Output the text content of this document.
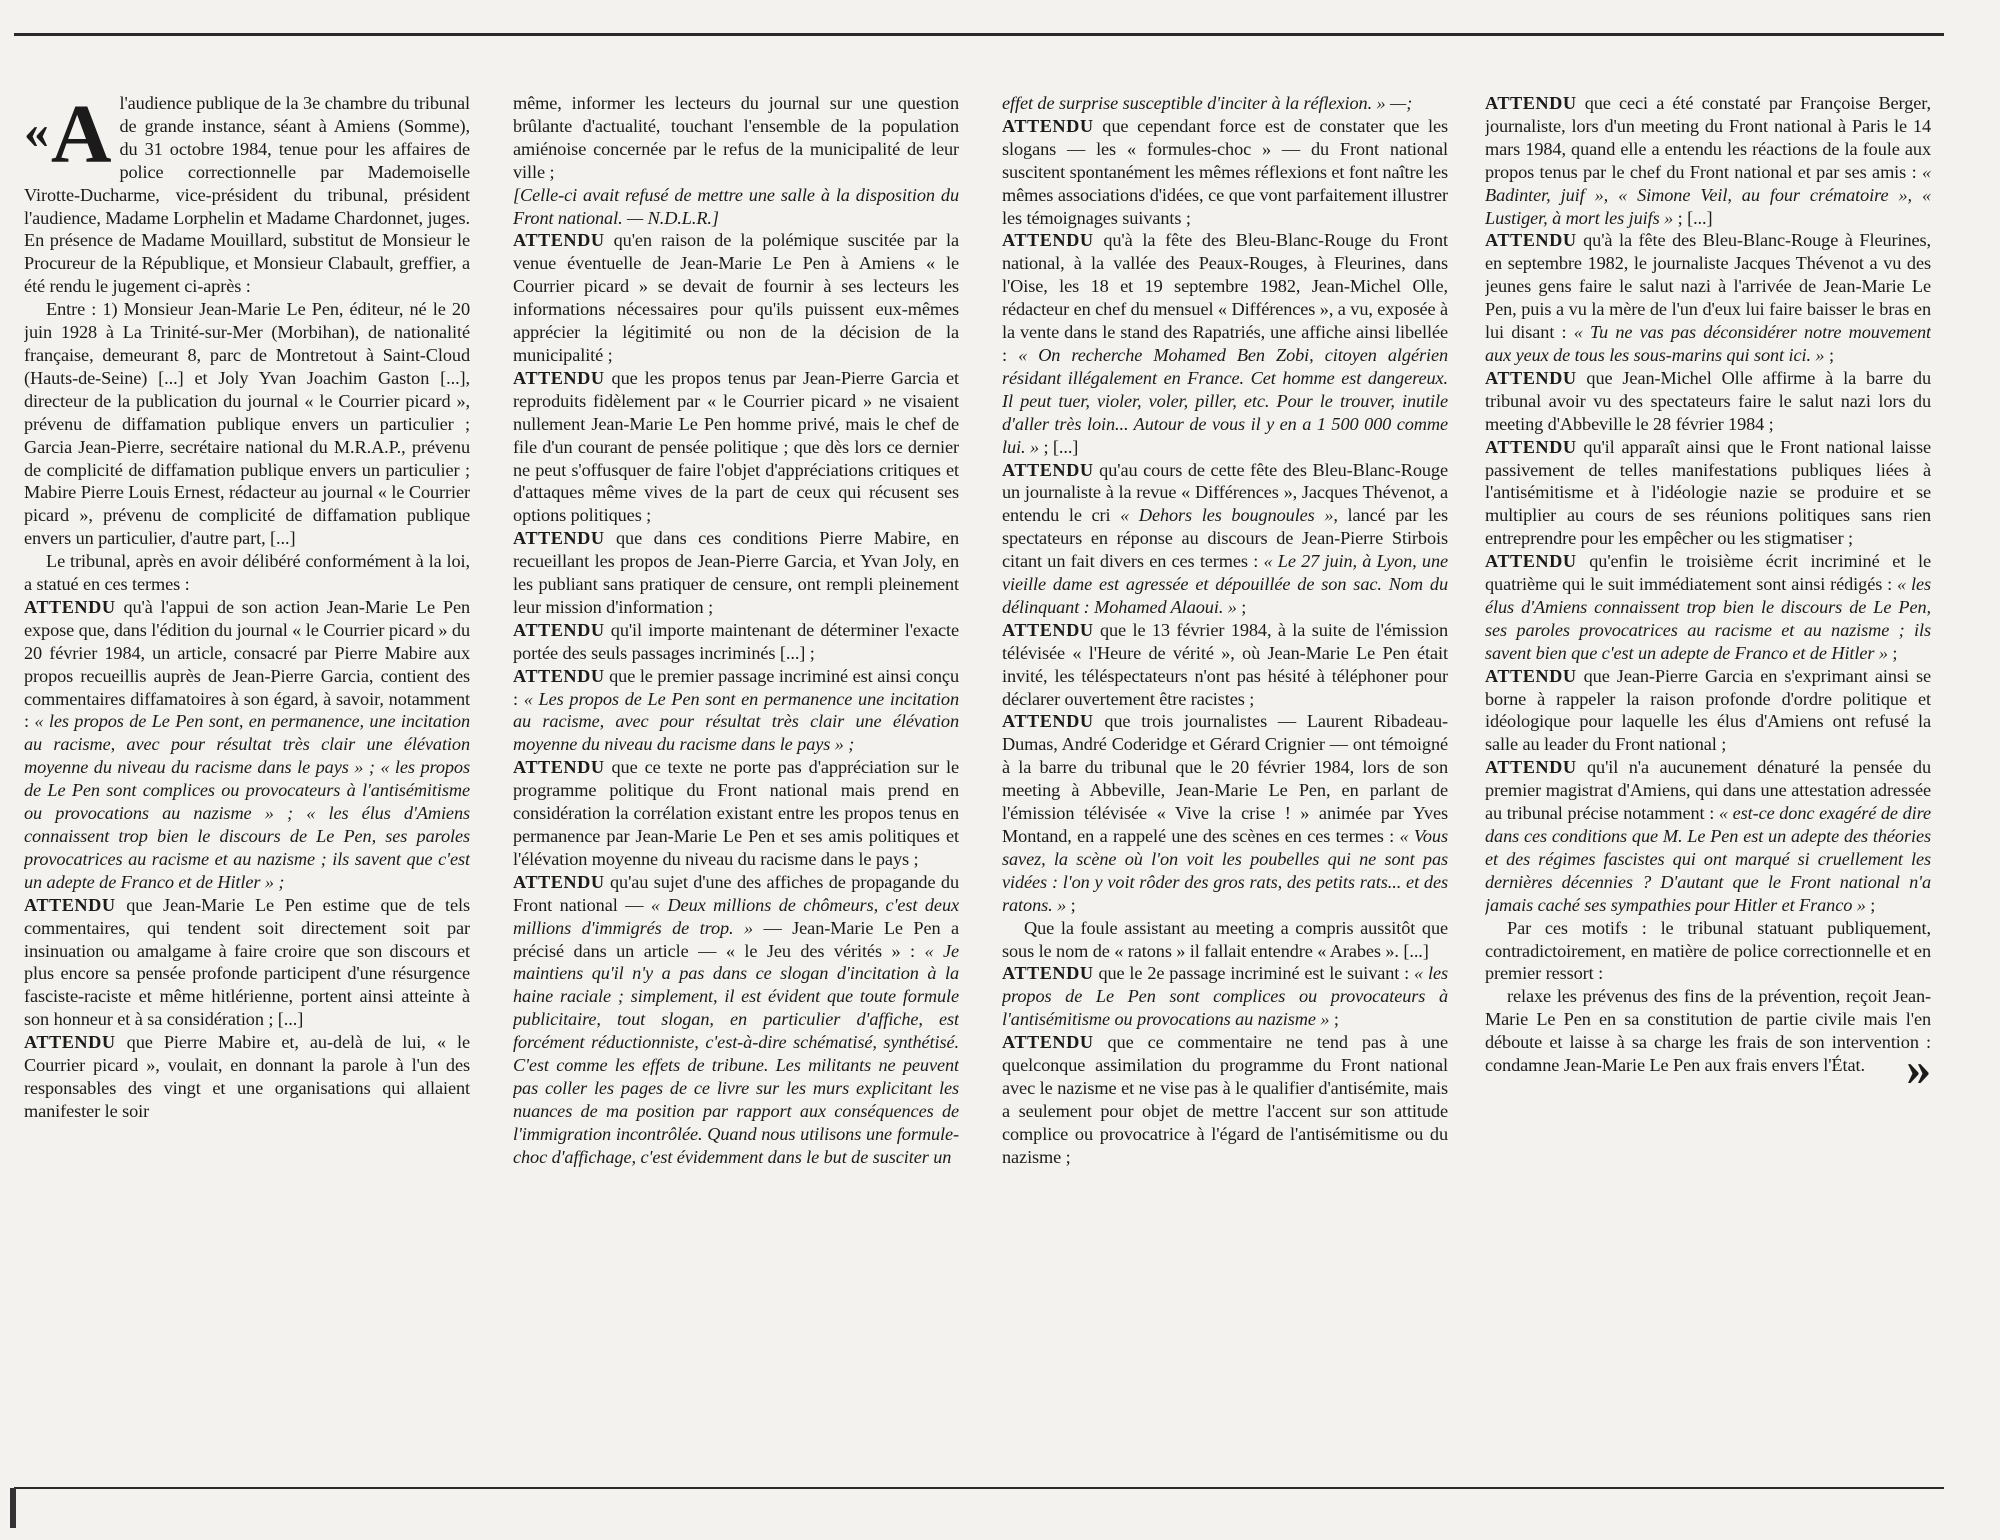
«A l'audience publique de la 3e chambre du tribunal de grande instance, séant à Amiens (Somme), du 31 octobre 1984, tenue pour les affaires de police correctionnelle par Mademoiselle Virotte-Ducharme, vice-président du tribunal, président l'audience, Madame Lorphelin et Madame Chardonnet, juges. En présence de Madame Mouillard, substitut de Monsieur le Procureur de la République, et Monsieur Clabault, greffier, a été rendu le jugement ci-après :

Entre : 1) Monsieur Jean-Marie Le Pen, éditeur, né le 20 juin 1928 à La Trinité-sur-Mer (Morbihan), de nationalité française, demeurant 8, parc de Montretout à Saint-Cloud (Hauts-de-Seine) [...] et Joly Yvan Joachim Gaston [...], directeur de la publication du journal « le Courrier picard », prévenu de diffamation publique envers un particulier ; Garcia Jean-Pierre, secrétaire national du M.R.A.P., prévenu de complicité de diffamation publique envers un particulier ; Mabire Pierre Louis Ernest, rédacteur au journal « le Courrier picard », prévenu de complicité de diffamation publique envers un particulier, d'autre part, [...]

Le tribunal, après en avoir délibéré conformément à la loi, a statué en ces termes :

ATTENDU qu'à l'appui de son action Jean-Marie Le Pen expose que, dans l'édition du journal « le Courrier picard » du 20 février 1984, un article, consacré par Pierre Mabire aux propos recueillis auprès de Jean-Pierre Garcia, contient des commentaires diffamatoires à son égard, à savoir, notamment : « les propos de Le Pen sont, en permanence, une incitation au racisme, avec pour résultat très clair une élévation moyenne du niveau du racisme dans le pays » ; « les propos de Le Pen sont complices ou provocateurs à l'antisémitisme ou provocations au nazisme » ; « les élus d'Amiens connaissent trop bien le discours de Le Pen, ses paroles provocatrices au racisme et au nazisme ; ils savent que c'est un adepte de Franco et de Hitler » ;

ATTENDU que Jean-Marie Le Pen estime que de tels commentaires, qui tendent soit directement soit par insinuation ou amalgame à faire croire que son discours et plus encore sa pensée profonde participent d'une résurgence fasciste-raciste et même hitlérienne, portent ainsi atteinte à son honneur et à sa considération ; [...]

ATTENDU que Pierre Mabire et, au-delà de lui, « le Courrier picard », voulait, en donnant la parole à l'un des responsables des vingt et une organisations qui allaient manifester le soir

même, informer les lecteurs du journal sur une question brûlante d'actualité, touchant l'ensemble de la population amiénoise concernée par le refus de la municipalité de leur ville ;

[Celle-ci avait refusé de mettre une salle à la disposition du Front national. — N.D.L.R.]

ATTENDU qu'en raison de la polémique suscitée par la venue éventuelle de Jean-Marie Le Pen à Amiens « le Courrier picard » se devait de fournir à ses lecteurs les informations nécessaires pour qu'ils puissent eux-mêmes apprécier la légitimité ou non de la décision de la municipalité ;

ATTENDU que les propos tenus par Jean-Pierre Garcia et reproduits fidèlement par « le Courrier picard » ne visaient nullement Jean-Marie Le Pen homme privé, mais le chef de file d'un courant de pensée politique ; que dès lors ce dernier ne peut s'offusquer de faire l'objet d'appréciations critiques et d'attaques même vives de la part de ceux qui récusent ses options politiques ;

ATTENDU que dans ces conditions Pierre Mabire, en recueillant les propos de Jean-Pierre Garcia, et Yvan Joly, en les publiant sans pratiquer de censure, ont rempli pleinement leur mission d'information ;

ATTENDU qu'il importe maintenant de déterminer l'exacte portée des seuls passages incriminés [...] ;

ATTENDU que le premier passage incriminé est ainsi conçu : « Les propos de Le Pen sont en permanence une incitation au racisme, avec pour résultat très clair une élévation moyenne du niveau du racisme dans le pays » ;

ATTENDU que ce texte ne porte pas d'appréciation sur le programme politique du Front national mais prend en considération la corrélation existant entre les propos tenus en permanence par Jean-Marie Le Pen et ses amis politiques et l'élévation moyenne du niveau du racisme dans le pays ;

ATTENDU qu'au sujet d'une des affiches de propagande du Front national — « Deux millions de chômeurs, c'est deux millions d'immigrés de trop. » — Jean-Marie Le Pen a précisé dans un article — « le Jeu des vérités » : « Je maintiens qu'il n'y a pas dans ce slogan d'incitation à la haine raciale ; simplement, il est évident que toute formule publicitaire, tout slogan, en particulier d'affiche, est forcément réductionniste, c'est-à-dire schématisé, synthétisé. C'est comme les effets de tribune. Les militants ne peuvent pas coller les pages de ce livre sur les murs explicitant les nuances de ma position par rapport aux conséquences de l'immigration incontrôlée. Quand nous utilisons une formule-choc d'affichage, c'est évidemment dans le but de susciter un

effet de surprise susceptible d'inciter à la réflexion. » —;

ATTENDU que cependant force est de constater que les slogans — les « formules-choc » — du Front national suscitent spontanément les mêmes réflexions et font naître les mêmes associations d'idées, ce que vont parfaitement illustrer les témoignages suivants ;

ATTENDU qu'à la fête des Bleu-Blanc-Rouge du Front national, à la vallée des Peaux-Rouges, à Fleurines, dans l'Oise, les 18 et 19 septembre 1982, Jean-Michel Olle, rédacteur en chef du mensuel « Différences », a vu, exposée à la vente dans le stand des Rapatriés, une affiche ainsi libellée : « On recherche Mohamed Ben Zobi, citoyen algérien résidant illégalement en France. Cet homme est dangereux. Il peut tuer, violer, voler, piller, etc. Pour le trouver, inutile d'aller très loin... Autour de vous il y en a 1 500 000 comme lui. » ; [...]

ATTENDU qu'au cours de cette fête des Bleu-Blanc-Rouge un journaliste à la revue « Différences », Jacques Thévenot, a entendu le cri « Dehors les bougnoules », lancé par les spectateurs en réponse au discours de Jean-Pierre Stirbois citant un fait divers en ces termes : « Le 27 juin, à Lyon, une vieille dame est agressée et dépouillée de son sac. Nom du délinquant : Mohamed Alaoui. » ;

ATTENDU que le 13 février 1984, à la suite de l'émission télévisée « l'Heure de vérité », où Jean-Marie Le Pen était invité, les téléspectateurs n'ont pas hésité à téléphoner pour déclarer ouvertement être racistes ;

ATTENDU que trois journalistes — Laurent Ribadeau-Dumas, André Coderidge et Gérard Crignier — ont témoigné à la barre du tribunal que le 20 février 1984, lors de son meeting à Abbeville, Jean-Marie Le Pen, en parlant de l'émission télévisée « Vive la crise ! » animée par Yves Montand, en a rappelé une des scènes en ces termes : « Vous savez, la scène où l'on voit les poubelles qui ne sont pas vidées : l'on y voit rôder des gros rats, des petits rats... et des ratons. » ;

Que la foule assistant au meeting a compris aussitôt que sous le nom de « ratons » il fallait entendre « Arabes ». [...]

ATTENDU que le 2e passage incriminé est le suivant : « les propos de Le Pen sont complices ou provocateurs à l'antisémitisme ou provocations au nazisme » ;

ATTENDU que ce commentaire ne tend pas à une quelconque assimilation du programme du Front national avec le nazisme et ne vise pas à le qualifier d'antisémite, mais a seulement pour objet de mettre l'accent sur son attitude complice ou provocatrice à l'égard de l'antisémitisme ou du nazisme ;

ATTENDU que ceci a été constaté par Françoise Berger, journaliste, lors d'un meeting du Front national à Paris le 14 mars 1984, quand elle a entendu les réactions de la foule aux propos tenus par le chef du Front national et par ses amis : « Badinter, juif », « Simone Veil, au four crématoire », « Lustiger, à mort les juifs » ; [...]

ATTENDU qu'à la fête des Bleu-Blanc-Rouge à Fleurines, en septembre 1982, le journaliste Jacques Thévenot a vu des jeunes gens faire le salut nazi à l'arrivée de Jean-Marie Le Pen, puis a vu la mère de l'un d'eux lui faire baisser le bras en lui disant : « Tu ne vas pas déconsidérer notre mouvement aux yeux de tous les sous-marins qui sont ici. » ;

ATTENDU que Jean-Michel Olle affirme à la barre du tribunal avoir vu des spectateurs faire le salut nazi lors du meeting d'Abbeville le 28 février 1984 ;

ATTENDU qu'il apparaît ainsi que le Front national laisse passivement de telles manifestations publiques liées à l'antisémitisme et à l'idéologie nazie se produire et se multiplier au cours de ses réunions politiques sans rien entreprendre pour les empêcher ou les stigmatiser ;

ATTENDU qu'enfin le troisième écrit incriminé et le quatrième qui le suit immédiatement sont ainsi rédigés : « les élus d'Amiens connaissent trop bien le discours de Le Pen, ses paroles provocatrices au racisme et au nazisme ; ils savent bien que c'est un adepte de Franco et de Hitler » ;

ATTENDU que Jean-Pierre Garcia en s'exprimant ainsi se borne à rappeler la raison profonde d'ordre politique et idéologique pour laquelle les élus d'Amiens ont refusé la salle au leader du Front national ;

ATTENDU qu'il n'a aucunement dénaturé la pensée du premier magistrat d'Amiens, qui dans une attestation adressée au tribunal précise notamment : « est-ce donc exagéré de dire dans ces conditions que M. Le Pen est un adepte des théories et des régimes fascistes qui ont marqué si cruellement les dernières décennies ? D'autant que le Front national n'a jamais caché ses sympathies pour Hitler et Franco » ;

Par ces motifs : le tribunal statuant publiquement, contradictoirement, en matière de police correctionnelle et en premier ressort :

relaxe les prévenus des fins de la prévention, reçoit Jean-Marie Le Pen en sa constitution de partie civile mais l'en déboute et laisse à sa charge les frais de son intervention : condamne Jean-Marie Le Pen aux frais envers l'État. »
